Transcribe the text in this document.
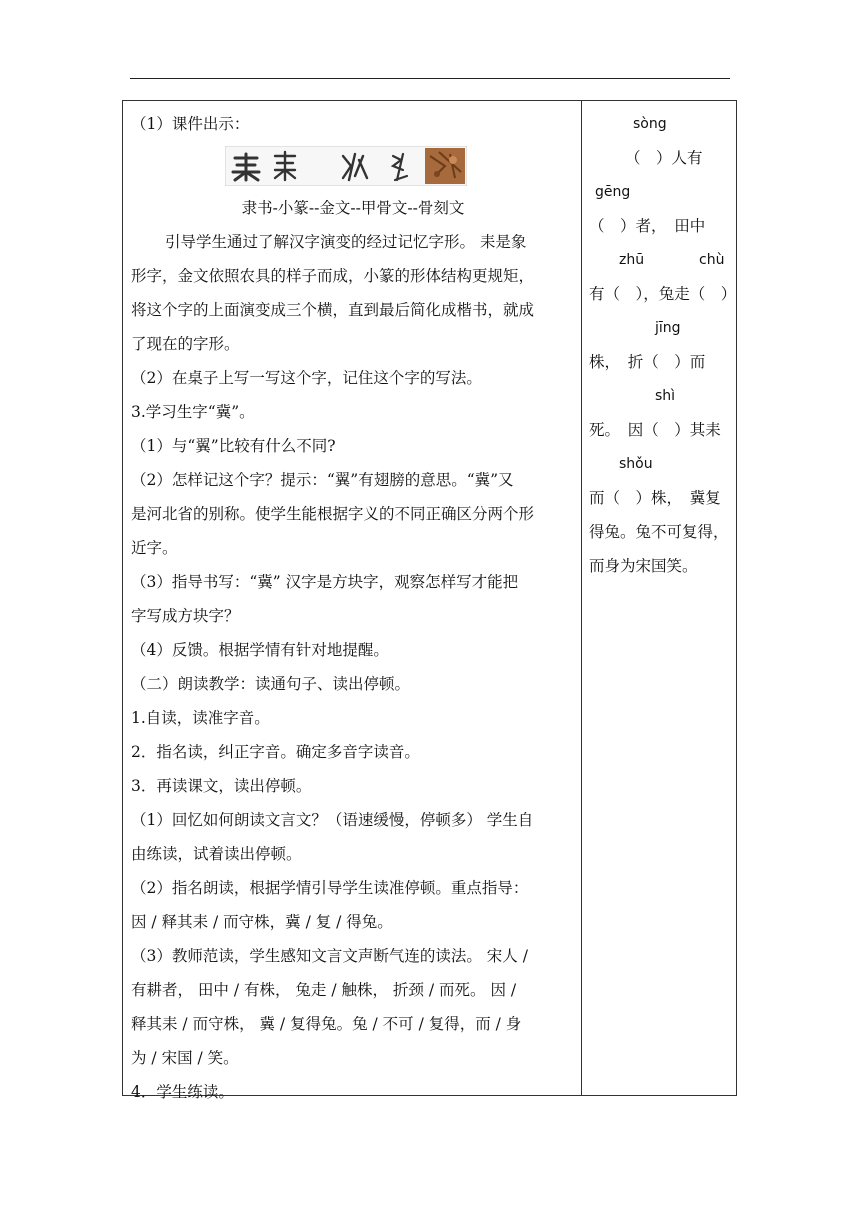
（1）课件出示：
隶书-小篆--金文--甲骨文--骨刻文
引导学生通过了解汉字演变的经过记忆字形。 耒是象
形字，金文依照农具的样子而成，小篆的形体结构更规矩，
将这个字的上面演变成三个横，直到最后简化成楷书，就成
了现在的字形。
（2）在桌子上写一写这个字，记住这个字的写法。
3.学习生字“冀”。
（1）与“翼”比较有什么不同?
（2）怎样记这个字？提示：“翼”有翅膀的意思。“冀”又
是河北省的别称。使学生能根据字义的不同正确区分两个形
近字。
（3）指导书写：“冀” 汉字是方块字，观察怎样写才能把
字写成方块字？
（4）反馈。根据学情有针对地提醒。
（二）朗读教学：读通句子、读出停顿。
1.自读，读准字音。
2．指名读，纠正字音。确定多音字读音。
3．再读课文，读出停顿。
（1）回忆如何朗读文言文？（语速缓慢，停顿多） 学生自
由练读，试着读出停顿。
（2）指名朗读，根据学情引导学生读准停顿。重点指导：
因 / 释其耒 / 而守株，冀 / 复 / 得兔。
（3）教师范读，学生感知文言文声断气连的读法。 宋人 /
有耕者， 田中 / 有株， 兔走 / 触株， 折颈 / 而死。 因 /
释其耒 / 而守株， 冀 / 复得兔。兔 / 不可 / 复得，而 / 身
为 / 宋国 / 笑。
4．学生练读。
sòng
（　）人有
gēng
（　）者，　田中
zhū	chù
有（　），兔走（　）
jīng
株，　折（　）而
shì
死。　因（　）其耒
shǒu
而（　）株，　冀复
得兔。兔不可复得，
而身为宋国笑。
